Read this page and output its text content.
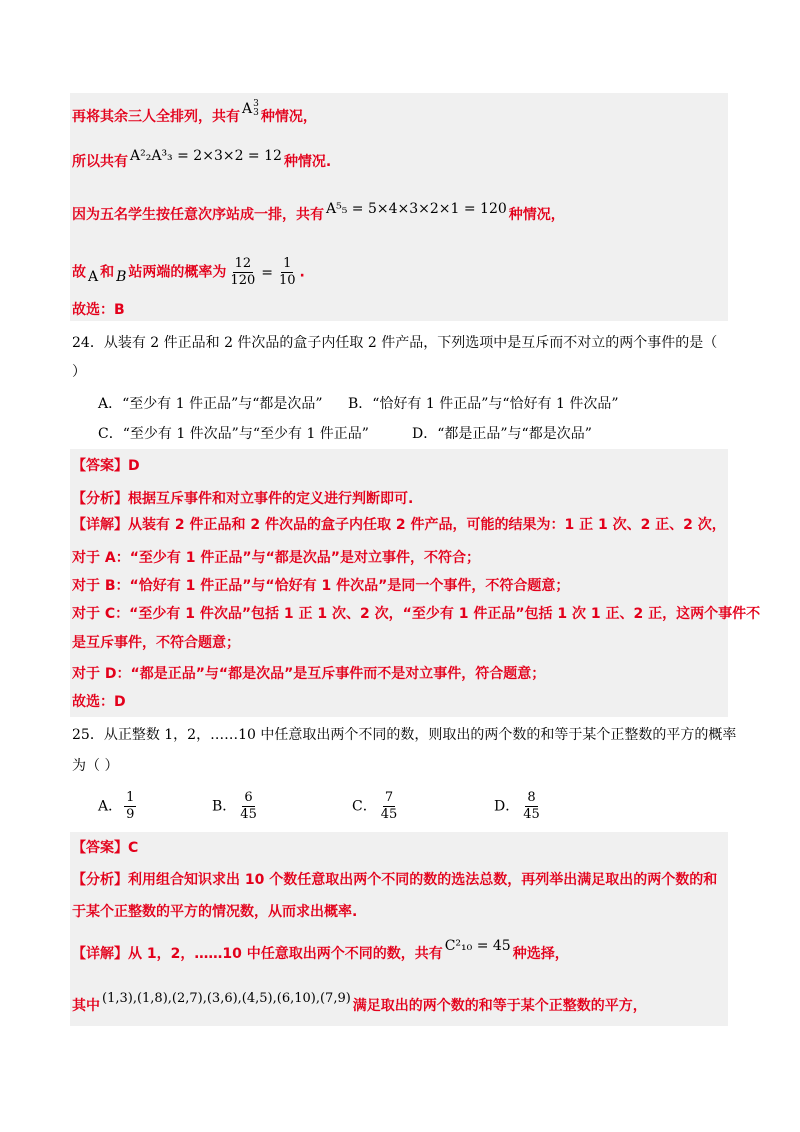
再将其余三人全排列，共有 A 3
3 种情况，
所以共有 A²₂A³₃ = 2×3×2 = 12 种情况.
因为五名学生按任意次序站成一排，共有 A⁵₅ = 5×4×3×2×1 = 120 种情况，
故 A 和 B 站两端的概率为 $\frac{12}{120} = \frac{1}{10}$ .
故选：B
24．从装有 2 件正品和 2 件次品的盒子内任取 2 件产品，下列选项中是互斥而不对立的两个事件的是（
）
A．“至少有 1 件正品”与“都是次品” B．“恰好有 1 件正品”与“恰好有 1 件次品”
C．“至少有 1 件次品”与“至少有 1 件正品”	D．“都是正品”与“都是次品”
【答案】D
【分析】根据互斥事件和对立事件的定义进行判断即可.
【详解】从装有 2 件正品和 2 件次品的盒子内任取 2 件产品，可能的结果为：1 正 1 次、2 正、2 次，
对于 A：“至少有 1 件正品”与“都是次品”是对立事件，不符合；
对于 B：“恰好有 1 件正品”与“恰好有 1 件次品”是同一个事件，不符合题意；
对于 C：“至少有 1 件次品”包括 1 正 1 次、2 次，“至少有 1 件正品”包括 1 次 1 正、2 正，这两个事件不
是互斥事件，不符合题意；
对于 D：“都是正品”与“都是次品”是互斥事件而不是对立事件，符合题意；
故选：D
25．从正整数 1，2，……10 中任意取出两个不同的数，则取出的两个数的和等于某个正整数的平方的概率
为（ ）
A． $\frac{1}{9}$	B． $\frac{6}{45}$	C． $\frac{7}{45}$	D． $\frac{8}{45}$
【答案】C
【分析】利用组合知识求出 10 个数任意取出两个不同的数的选法总数，再列举出满足取出的两个数的和
于某个正整数的平方的情况数，从而求出概率.
【详解】从 1，2，……10 中任意取出两个不同的数，共有 C²₁₀ = 45 种选择，
其中 (1,3),(1,8),(2,7),(3,6),(4,5),(6,10),(7,9) 满足取出的两个数的和等于某个正整数的平方，
